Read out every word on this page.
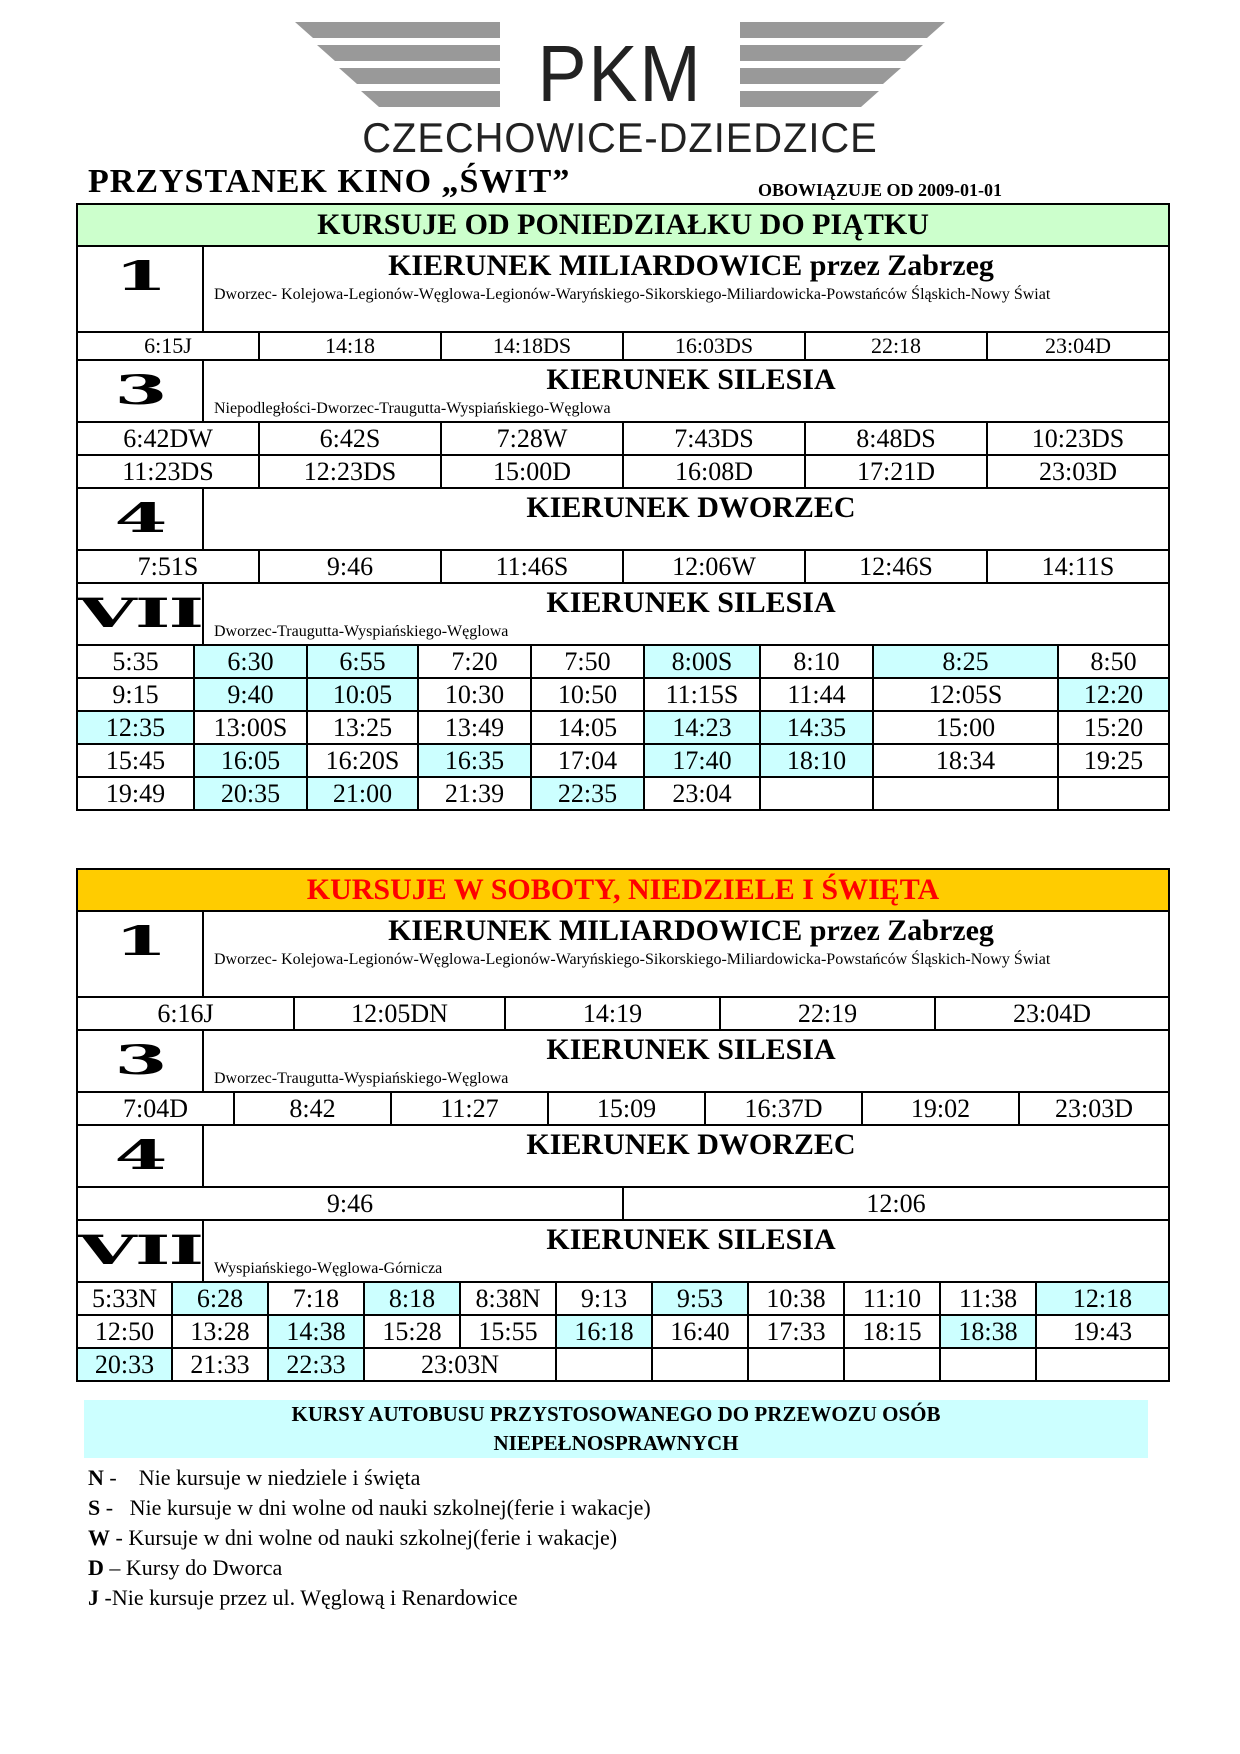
PKM
CZECHOWICE-DZIEDZICE
PRZYSTANEK KINO „ŚWIT”	OBOWIĄZUJE OD 2009-01-01
KURSUJE OD PONIEDZIAŁKU DO PIĄTKU
1	KIERUNEK MILIARDOWICE przez Zabrzeg
Dworzec- Kolejowa-Legionów-Węglowa-Legionów-Waryńskiego-Sikorskiego-Miliardowicka-Powstańców Śląskich-Nowy Świat
6:15J	14:18	14:18DS	16:03DS	22:18	23:04D
3	KIERUNEK SILESIA
Niepodległości-Dworzec-Traugutta-Wyspiańskiego-Węglowa
6:42DW	6:42S	7:28W	7:43DS	8:48DS	10:23DS
11:23DS	12:23DS	15:00D	16:08D	17:21D	23:03D
4	KIERUNEK DWORZEC
7:51S	9:46	11:46S	12:06W	12:46S	14:11S
VII	KIERUNEK SILESIA
Dworzec-Traugutta-Wyspiańskiego-Węglowa
5:35	6:30	6:55	7:20	7:50	8:00S	8:10	8:25	8:50
9:15	9:40	10:05	10:30	10:50	11:15S	11:44	12:05S	12:20
12:35	13:00S	13:25	13:49	14:05	14:23	14:35	15:00	15:20
15:45	16:05	16:20S	16:35	17:04	17:40	18:10	18:34	19:25
19:49	20:35	21:00	21:39	22:35	23:04			
KURSUJE W SOBOTY, NIEDZIELE I ŚWIĘTA
1	KIERUNEK MILIARDOWICE przez Zabrzeg
Dworzec- Kolejowa-Legionów-Węglowa-Legionów-Waryńskiego-Sikorskiego-Miliardowicka-Powstańców Śląskich-Nowy Świat
6:16J	12:05DN	14:19	22:19	23:04D
3	KIERUNEK SILESIA
Dworzec-Traugutta-Wyspiańskiego-Węglowa
7:04D	8:42	11:27	15:09	16:37D	19:02	23:03D
4	KIERUNEK DWORZEC
9:46	12:06
VII	KIERUNEK SILESIA
Wyspiańskiego-Węglowa-Górnicza
5:33N	6:28	7:18	8:18	8:38N	9:13	9:53	10:38	11:10	11:38	12:18
12:50	13:28	14:38	15:28	15:55	16:18	16:40	17:33	18:15	18:38	19:43
20:33	21:33	22:33	23:03N							
KURSY AUTOBUSU PRZYSTOSOWANEGO DO PRZEWOZU OSÓB
NIEPEŁNOSPRAWNYCH
N -    Nie kursuje w niedziele i święta
S -   Nie kursuje w dni wolne od nauki szkolnej(ferie i wakacje)
W - Kursuje w dni wolne od nauki szkolnej(ferie i wakacje)
D – Kursy do Dworca
J -Nie kursuje przez ul. Węglową i Renardowice
